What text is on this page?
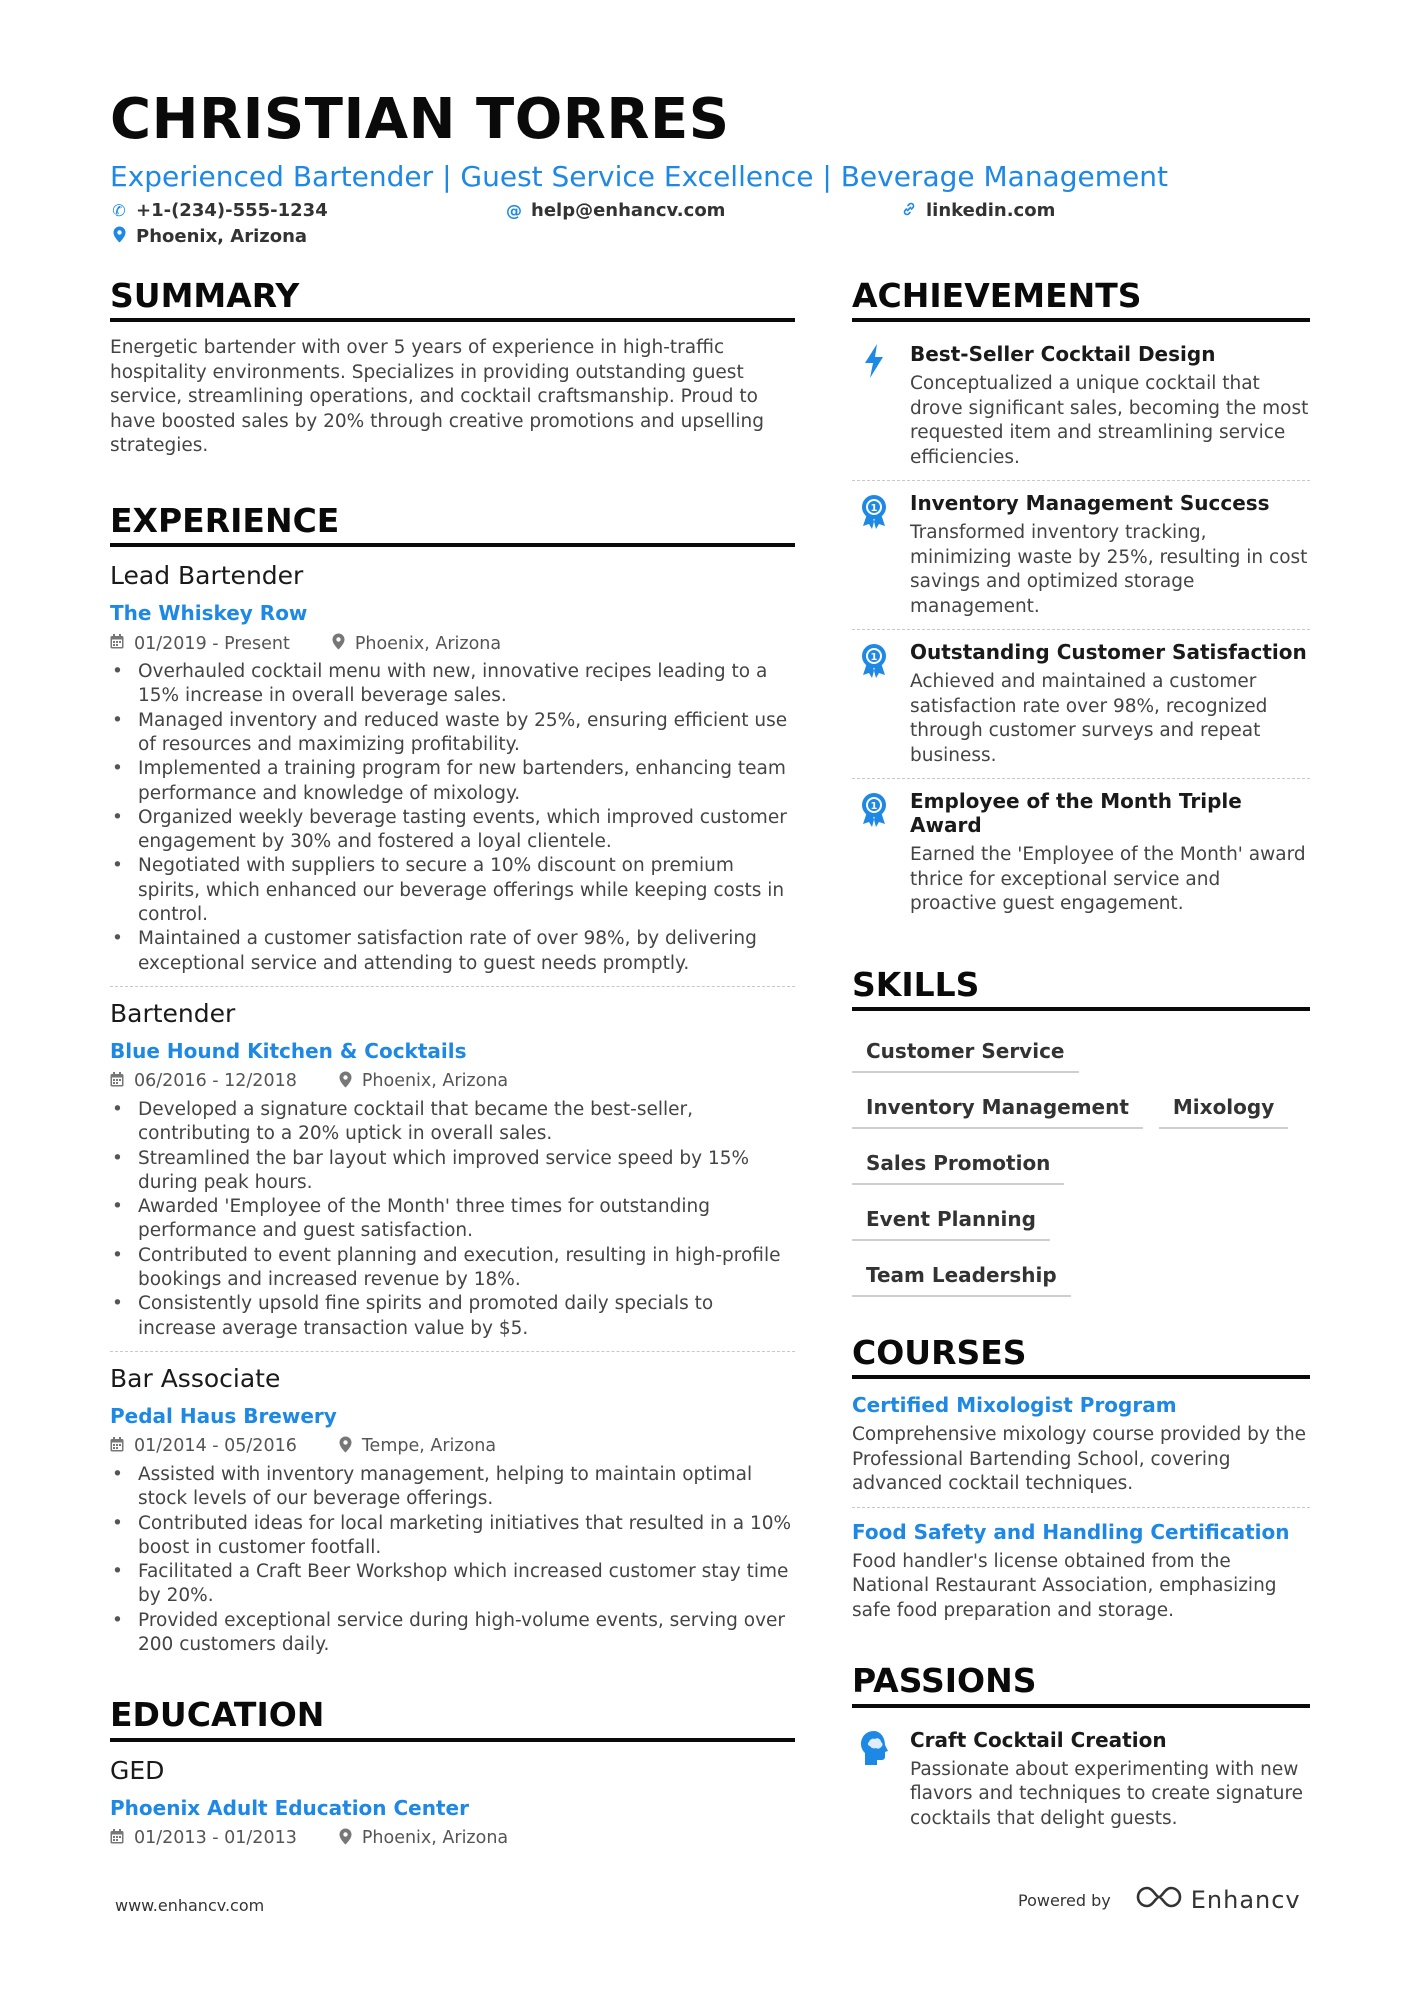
CHRISTIAN TORRES
Experienced Bartender | Guest Service Excellence | Beverage Management
✆ +1-(234)-555-1234	@ help@enhancv.com	linkedin.com
Phoenix, Arizona
SUMMARY
Energetic bartender with over 5 years of experience in high-traffic hospitality environments. Specializes in providing outstanding guest service, streamlining operations, and cocktail craftsmanship. Proud to have boosted sales by 20% through creative promotions and upselling strategies.
EXPERIENCE
Lead Bartender
The Whiskey Row
01/2019 - Present	Phoenix, Arizona
• Overhauled cocktail menu with new, innovative recipes leading to a 15% increase in overall beverage sales.
• Managed inventory and reduced waste by 25%, ensuring efficient use of resources and maximizing profitability.
• Implemented a training program for new bartenders, enhancing team performance and knowledge of mixology.
• Organized weekly beverage tasting events, which improved customer engagement by 30% and fostered a loyal clientele.
• Negotiated with suppliers to secure a 10% discount on premium spirits, which enhanced our beverage offerings while keeping costs in control.
• Maintained a customer satisfaction rate of over 98%, by delivering exceptional service and attending to guest needs promptly.
Bartender
Blue Hound Kitchen & Cocktails
06/2016 - 12/2018	Phoenix, Arizona
• Developed a signature cocktail that became the best-seller, contributing to a 20% uptick in overall sales.
• Streamlined the bar layout which improved service speed by 15% during peak hours.
• Awarded 'Employee of the Month' three times for outstanding performance and guest satisfaction.
• Contributed to event planning and execution, resulting in high-profile bookings and increased revenue by 18%.
• Consistently upsold fine spirits and promoted daily specials to increase average transaction value by $5.
Bar Associate
Pedal Haus Brewery
01/2014 - 05/2016	Tempe, Arizona
• Assisted with inventory management, helping to maintain optimal stock levels of our beverage offerings.
• Contributed ideas for local marketing initiatives that resulted in a 10% boost in customer footfall.
• Facilitated a Craft Beer Workshop which increased customer stay time by 20%.
• Provided exceptional service during high-volume events, serving over 200 customers daily.
EDUCATION
GED
Phoenix Adult Education Center
01/2013 - 01/2013	Phoenix, Arizona
ACHIEVEMENTS
Best-Seller Cocktail Design
Conceptualized a unique cocktail that drove significant sales, becoming the most requested item and streamlining service efficiencies.
1 Inventory Management Success
Transformed inventory tracking, minimizing waste by 25%, resulting in cost savings and optimized storage management.
1 Outstanding Customer Satisfaction
Achieved and maintained a customer satisfaction rate over 98%, recognized through customer surveys and repeat business.
1 Employee of the Month Triple Award
Earned the 'Employee of the Month' award thrice for exceptional service and proactive guest engagement.
SKILLS
Customer Service
Inventory Management	Mixology
Sales Promotion
Event Planning
Team Leadership
COURSES
Certified Mixologist Program
Comprehensive mixology course provided by the Professional Bartending School, covering advanced cocktail techniques.
Food Safety and Handling Certification
Food handler's license obtained from the National Restaurant Association, emphasizing safe food preparation and storage.
PASSIONS
Craft Cocktail Creation
Passionate about experimenting with new flavors and techniques to create signature cocktails that delight guests.
www.enhancv.com	Powered by	Enhancv
